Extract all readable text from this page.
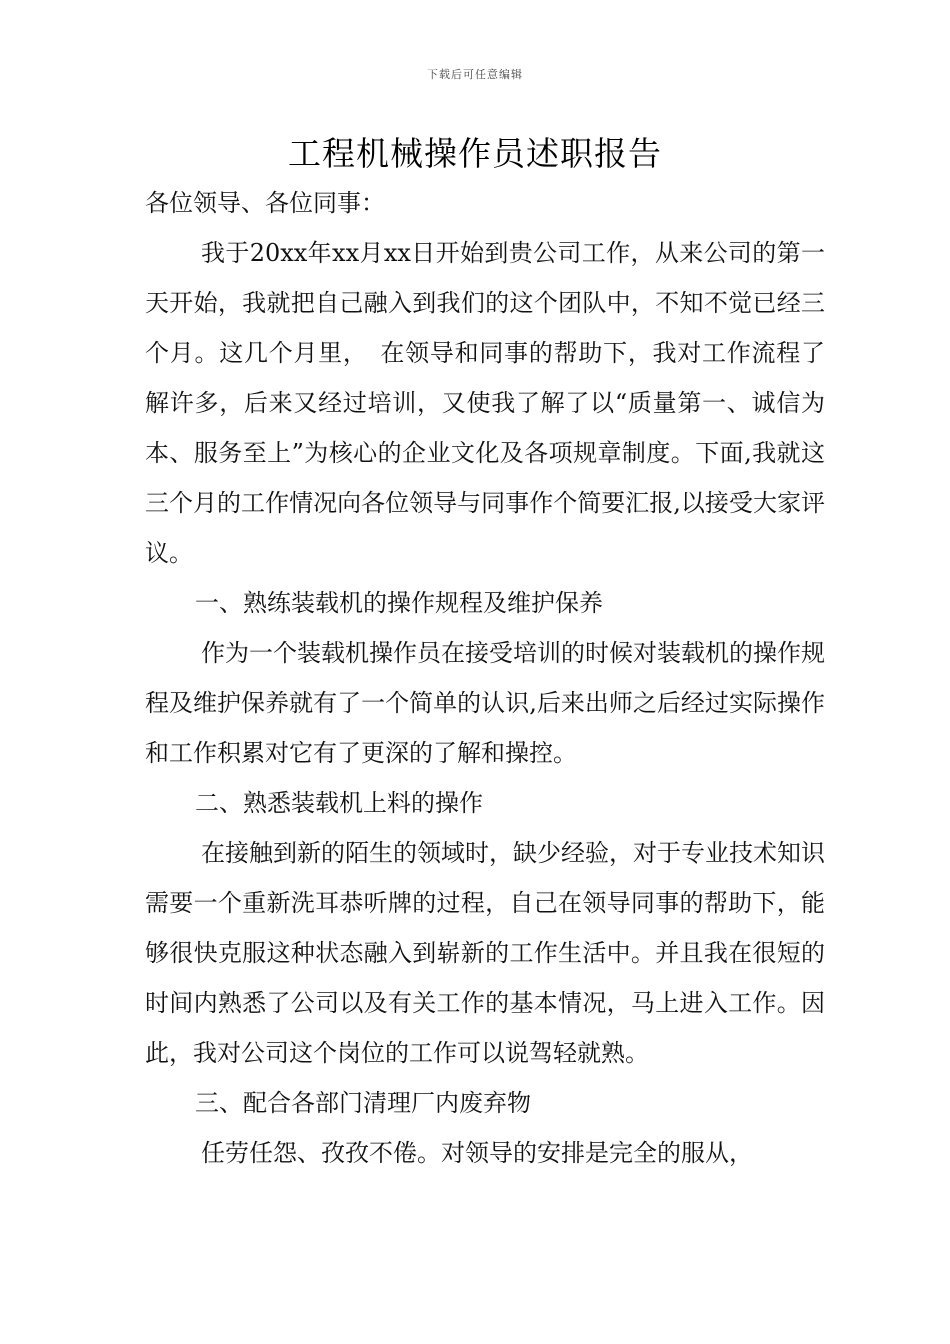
下载后可任意编辑
工程机械操作员述职报告

各位领导、各位同事：

我于20xx年xx月xx日开始到贵公司工作，从来公司的第一天开始，我就把自己融入到我们的这个团队中，不知不觉已经三个月。这几个月里，　在领导和同事的帮助下，我对工作流程了解许多，后来又经过培训，又使我了解了以“质量第一、诚信为本、服务至上”为核心的企业文化及各项规章制度。下面,我就这三个月的工作情况向各位领导与同事作个简要汇报,以接受大家评议。

一、熟练装载机的操作规程及维护保养

作为一个装载机操作员在接受培训的时候对装载机的操作规程及维护保养就有了一个简单的认识,后来出师之后经过实际操作和工作积累对它有了更深的了解和操控。

二、熟悉装载机上料的操作

在接触到新的陌生的领域时，缺少经验，对于专业技术知识需要一个重新洗耳恭听牌的过程，自己在领导同事的帮助下，能够很快克服这种状态融入到崭新的工作生活中。并且我在很短的时间内熟悉了公司以及有关工作的基本情况，马上进入工作。因此，我对公司这个岗位的工作可以说驾轻就熟。

三、配合各部门清理厂内废弃物

任劳任怨、孜孜不倦。对领导的安排是完全的服从，
